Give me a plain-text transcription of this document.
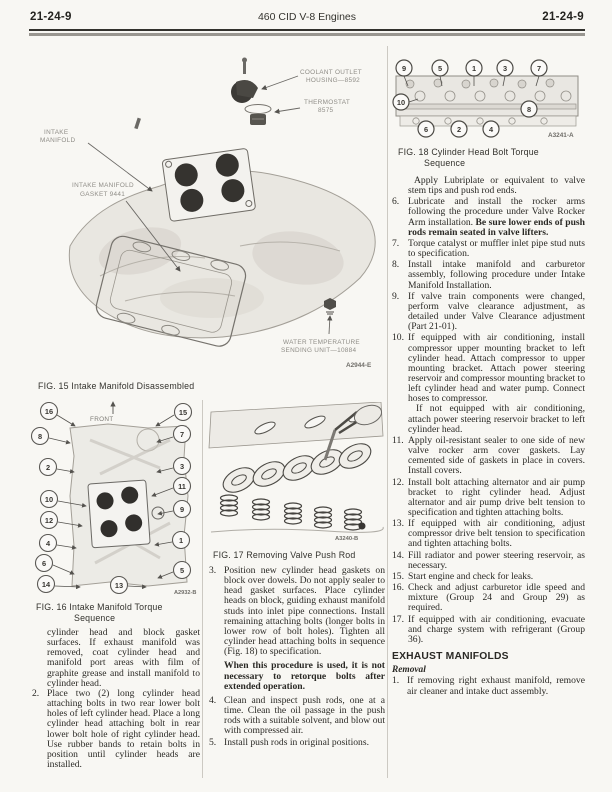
21-24-9	460 CID V-8 Engines	21-24-9
COOLANT OUTLET
HOUSING—8592
THERMOSTAT
8575
INTAKE
MANIFOLD
INTAKE MANIFOLD
GASKET 9441
WATER TEMPERATURE
SENDING UNIT—10884
A2944-E
FIG. 15 Intake Manifold Disassembled
9	5	1	3	7
10
8
6	2	4
A3241-A
FIG. 18 Cylinder Head Bolt Torque
Sequence
FRONT
16
8
2
10
12
4
6
14
15
7
3
11
9
1
5
13
A2932-B
FIG. 16 Intake Manifold Torque
Sequence
A3240-B
FIG. 17 Removing Valve Push Rod
cylinder head and block gasket surfaces. If exhaust manifold was removed, coat cylinder head and manifold port areas with film of graphite grease and install manifold to cylinder head.
2. Place two (2) long cylinder head attaching bolts in two rear lower bolt holes of left cylinder head. Place a long cylinder head attaching bolt in rear lower bolt hole of right cylinder head. Use rubber bands to retain bolts in position until cylinder heads are installed.
3. Position new cylinder head gaskets on block over dowels. Do not apply sealer to head gasket surfaces. Place cylinder heads on block, guiding exhaust manifold studs into inlet pipe connections. Install remaining attaching bolts (longer bolts in lower row of bolt holes). Tighten all cylinder head attaching bolts in sequence (Fig. 18) to specification.
When this procedure is used, it is not necessary to retorque bolts after extended operation.
4. Clean and inspect push rods, one at a time. Clean the oil passage in the push rods with a suitable solvent, and blow out with compressed air.
5. Install push rods in original positions.
Apply Lubriplate or equivalent to valve stem tips and push rod ends.
6. Lubricate and install the rocker arms following the procedure under Valve Rocker Arm installation. Be sure lower ends of push rods remain seated in valve lifters.
7. Torque catalyst or muffler inlet pipe stud nuts to specification.
8. Install intake manifold and carburetor assembly, following procedure under Intake Manifold Installation.
9. If valve train components were changed, perform valve clearance adjustment, as detailed under Valve Clearance adjustment (Part 21-01).
10. If equipped with air conditioning, install compressor upper mounting bracket to left cylinder head. Attach compressor to upper mounting bracket. Attach power steering reservoir and compressor mounting bracket to left cylinder head and water pump. Connect hoses to compressor.
If not equipped with air conditioning, attach power steering reservoir bracket to left cylinder head.
11. Apply oil-resistant sealer to one side of new valve rocker arm cover gaskets. Lay cemented side of gaskets in place in covers. Install covers.
12. Install bolt attaching alternator and air pump bracket to right cylinder head. Adjust alternator and air pump drive belt tension to specification and tighten attaching bolts.
13. If equipped with air conditioning, adjust compressor drive belt tension to specification and tighten attaching bolts.
14. Fill radiator and power steering reservoir, as necessary.
15. Start engine and check for leaks.
16. Check and adjust carburetor idle speed and mixture (Group 24 and Group 29) as required.
17. If equipped with air conditioning, evacuate and charge system with refrigerant (Group 36).
EXHAUST MANIFOLDS
Removal
1. If removing right exhaust manifold, remove air cleaner and intake duct assembly.
